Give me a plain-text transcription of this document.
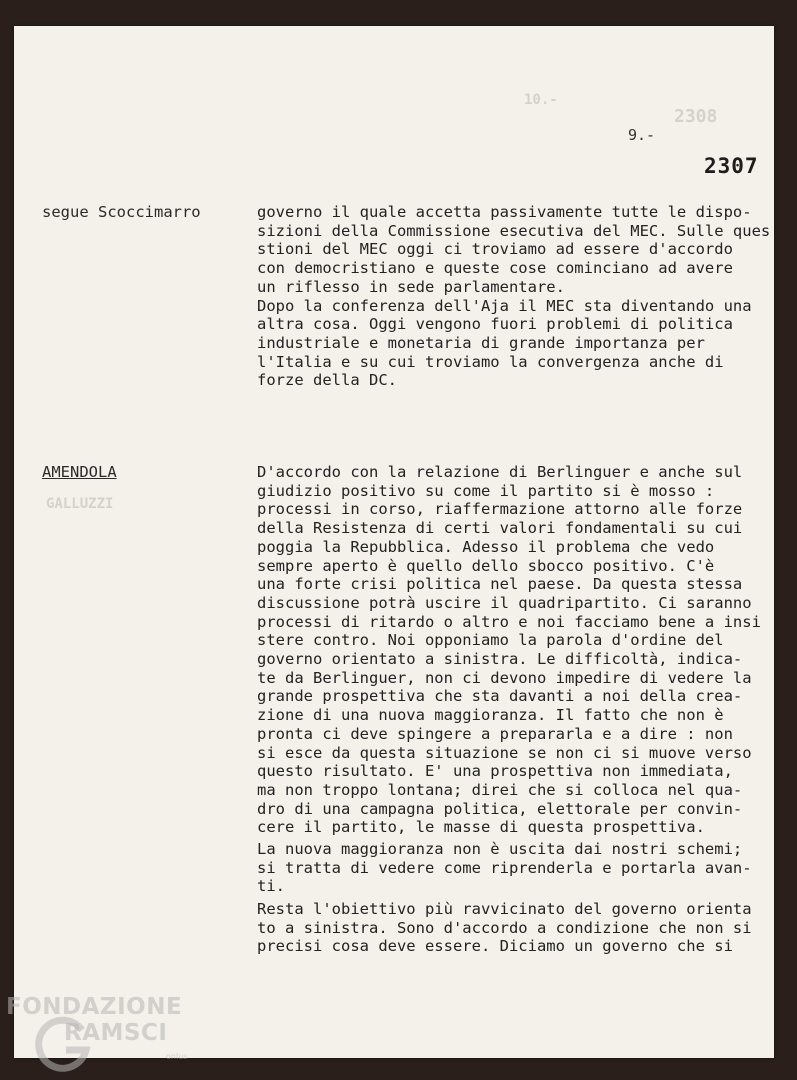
10.-
2308
GALLUZZI
9.-
2307
segue Scoccimarro
AMENDOLA
governo il quale accetta passivamente tutte le dispo-
sizioni della Commissione esecutiva del MEC. Sulle ques
stioni del MEC oggi ci troviamo ad essere d'accordo
con democristiano e queste cose cominciano ad avere
un riflesso in sede parlamentare.
Dopo la conferenza dell'Aja il MEC sta diventando una
altra cosa. Oggi vengono fuori problemi di politica
industriale e monetaria di grande importanza per
l'Italia e su cui troviamo la convergenza anche di
forze della DC.
D'accordo con la relazione di Berlinguer e anche sul
giudizio positivo su come il partito si è mosso :
processi in corso, riaffermazione attorno alle forze
della Resistenza di certi valori fondamentali su cui
poggia la Repubblica. Adesso il problema che vedo
sempre aperto è quello dello sbocco positivo. C'è
una forte crisi politica nel paese. Da questa stessa
discussione potrà uscire il quadripartito. Ci saranno
processi di ritardo o altro e noi facciamo bene a insi
stere contro. Noi opponiamo la parola d'ordine del
governo orientato a sinistra. Le difficoltà, indica-
te da Berlinguer, non ci devono impedire di vedere la
grande prospettiva che sta davanti a noi della crea-
zione di una nuova maggioranza. Il fatto che non è
pronta ci deve spingere a prepararla e a dire : non
si esce da questa situazione se non ci si muove verso
questo risultato. E' una prospettiva non immediata,
ma non troppo lontana; direi che si colloca nel qua-
dro di una campagna politica, elettorale per convin-
cere il partito, le masse di questa prospettiva.
La nuova maggioranza non è uscita dai nostri schemi;
si tratta di vedere come riprenderla e portarla avan-
ti.
Resta l'obiettivo più ravvicinato del governo orienta
to a sinistra. Sono d'accordo a condizione che non si
precisi cosa deve essere. Diciamo un governo che si
FONDAZIONE
RAMSCI
onlus
